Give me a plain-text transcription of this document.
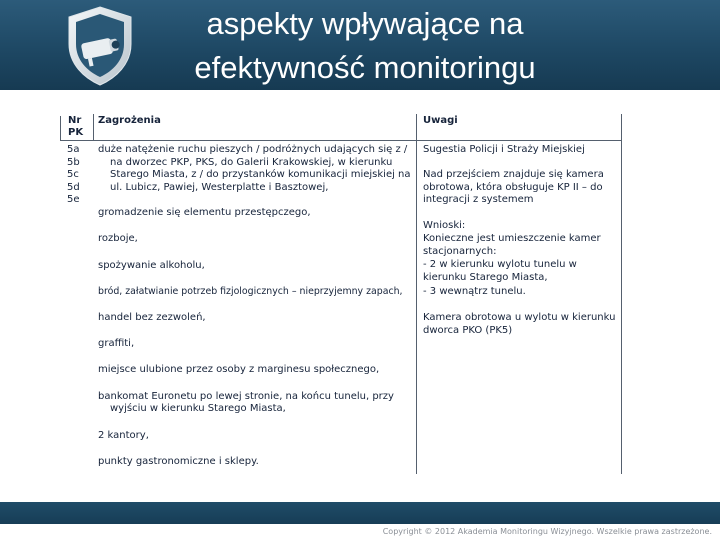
aspekty wpływające na
efektywność monitoringu
Nr
PK
Zagrożenia	Uwagi
5a
5b
5c
5d
5e
duże natężenie ruchu pieszych / podróżnych udających się z /
na dworzec PKP, PKS, do Galerii Krakowskiej, w kierunku
Starego Miasta, z / do przystanków komunikacji miejskiej na
ul. Lubicz, Pawiej, Westerplatte i Basztowej,
gromadzenie się elementu przestępczego,
rozboje,
spożywanie alkoholu,
bród, załatwianie potrzeb fizjologicznych – nieprzyjemny zapach,
handel bez zezwoleń,
graffiti,
miejsce ulubione przez osoby z marginesu społecznego,
bankomat Euronetu po lewej stronie, na końcu tunelu, przy
wyjściu w kierunku Starego Miasta,
2 kantory,
punkty gastronomiczne i sklepy.
Sugestia Policji i Straży Miejskiej
Nad przejściem znajduje się kamera
obrotowa, która obsługuje KP II – do
integracji z systemem
Wnioski:
Konieczne jest umieszczenie kamer
stacjonarnych:
- 2 w kierunku wylotu tunelu w
kierunku Starego Miasta,
- 3 wewnątrz tunelu.
Kamera obrotowa u wylotu w kierunku
dworca PKO (PK5)
Copyright © 2012 Akademia Monitoringu Wizyjnego. Wszelkie prawa zastrzeżone.
